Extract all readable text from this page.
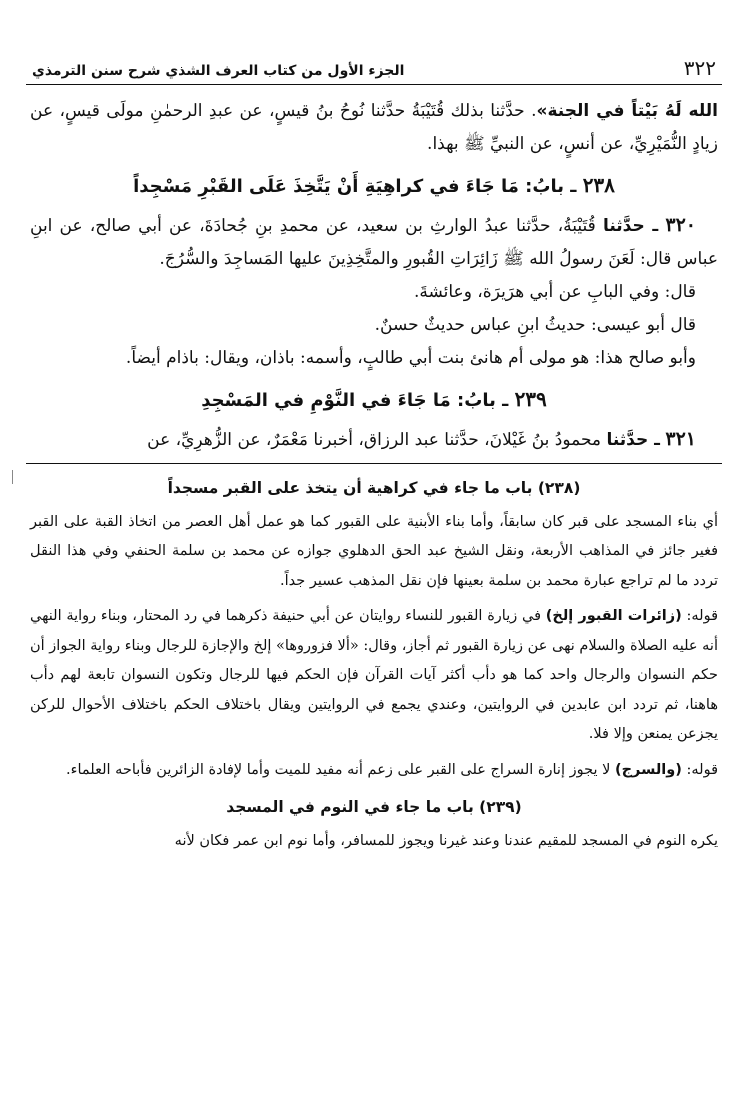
٣٢٢
الجزء الأول من كتاب العرف الشذي شرح سنن الترمذي

الله لَهُ بَيْتاً في الجنة». حدَّثنا بذلك قُتَيْبَةُ حدَّثنا نُوحُ بنُ قيسٍ، عن عبدِ الرحمٰنِ مولَى قيسٍ، عن زيادٍ النُّمَيْرِيِّ، عن أنسٍ، عن النبيِّ ﷺ بهذا.

٢٣٨ ـ بابُ: مَا جَاءَ في كراهِيَةِ أَنْ يَتَّخِذَ عَلَى القَبْرِ مَسْجِداً

٣٢٠ ـ حدَّثنا قُتَيْبَةُ، حدَّثنا عبدُ الوارثِ بن سعيد، عن محمدِ بنِ جُحادَةَ، عن أبي صالح، عن ابنِ عباس قال: لَعَنَ رسولُ الله ﷺ زَائِرَاتِ القُبورِ والمتَّخِذِينَ عليها المَساجِدَ والسُّرُجَ.

قال: وفي البابِ عن أبي هرَيرَة، وعائشةَ.

قال أبو عيسى: حديثُ ابنِ عباس حديثٌ حسنٌ.

وأبو صالح هذا: هو مولى أم هانئ بنت أبي طالبٍ، وأسمه: باذان، ويقال: باذام أيضاً.

٢٣٩ ـ بابُ: مَا جَاءَ في النَّوْمِ في المَسْجِدِ

٣٢١ ـ حدَّثنا محمودُ بنُ غَيْلانَ، حدَّثنا عبد الرزاق، أخبرنا مَعْمَرٌ، عن الزُّهرِيِّ، عن

(٢٣٨) باب ما جاء في كراهية أن يتخذ على القبر مسجداً

أي بناء المسجد على قبر كان سابقاً، وأما بناء الأبنية على القبور كما هو عمل أهل العصر من اتخاذ القبة على القبر فغير جائز في المذاهب الأربعة، ونقل الشيخ عبد الحق الدهلوي جوازه عن محمد بن سلمة الحنفي وفي هذا النقل تردد ما لم تراجع عبارة محمد بن سلمة بعينها فإن نقل المذهب عسير جداً.

قوله: (زائرات القبور إلخ) في زيارة القبور للنساء روايتان عن أبي حنيفة ذكرهما في رد المحتار، وبناء رواية النهي أنه عليه الصلاة والسلام نهى عن زيارة القبور ثم أجاز، وقال: «ألا فزوروها» إلخ والإجازة للرجال وبناء رواية الجواز أن حكم النسوان والرجال واحد كما هو دأب أكثر آيات القرآن فإن الحكم فيها للرجال وتكون النسوان تابعة لهم دأب هاهنا، ثم تردد ابن عابدين في الروايتين، وعندي يجمع في الروايتين ويقال باختلاف الحكم باختلاف الأحوال للركن يجزعن يمنعن وإلا فلا.

قوله: (والسرج) لا يجوز إنارة السراج على القبر على زعم أنه مفيد للميت وأما لإفادة الزائرين فأباحه العلماء.

(٢٣٩) باب ما جاء في النوم في المسجد

يكره النوم في المسجد للمقيم عندنا وعند غيرنا ويجوز للمسافر، وأما نوم ابن عمر فكان لأنه
